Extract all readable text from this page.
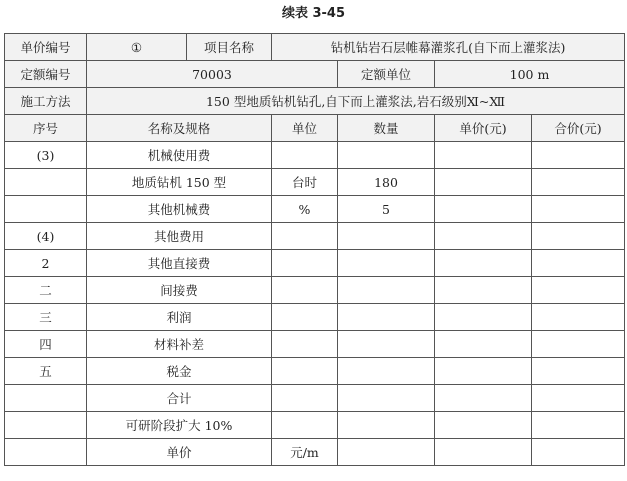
续表 3-45
单价编号	①	项目名称	钻机钻岩石层帷幕灌浆孔(自下而上灌浆法)			
定额编号	70003			定额单位	100 m	
施工方法	150 型地质钻机钻孔,自下而上灌浆法,岩石级别Ⅺ~Ⅻ					
序号	名称及规格		单位	数量	单价(元)	合价(元)
(3)	机械使用费					
	地质钻机 150 型		台时	180		
	其他机械费		%	5		
(4)	其他费用					
2	其他直接费					
二	间接费					
三	利润					
四	材料补差					
五	税金					
	合计					
	可研阶段扩大 10%					
	单价		元/m			
